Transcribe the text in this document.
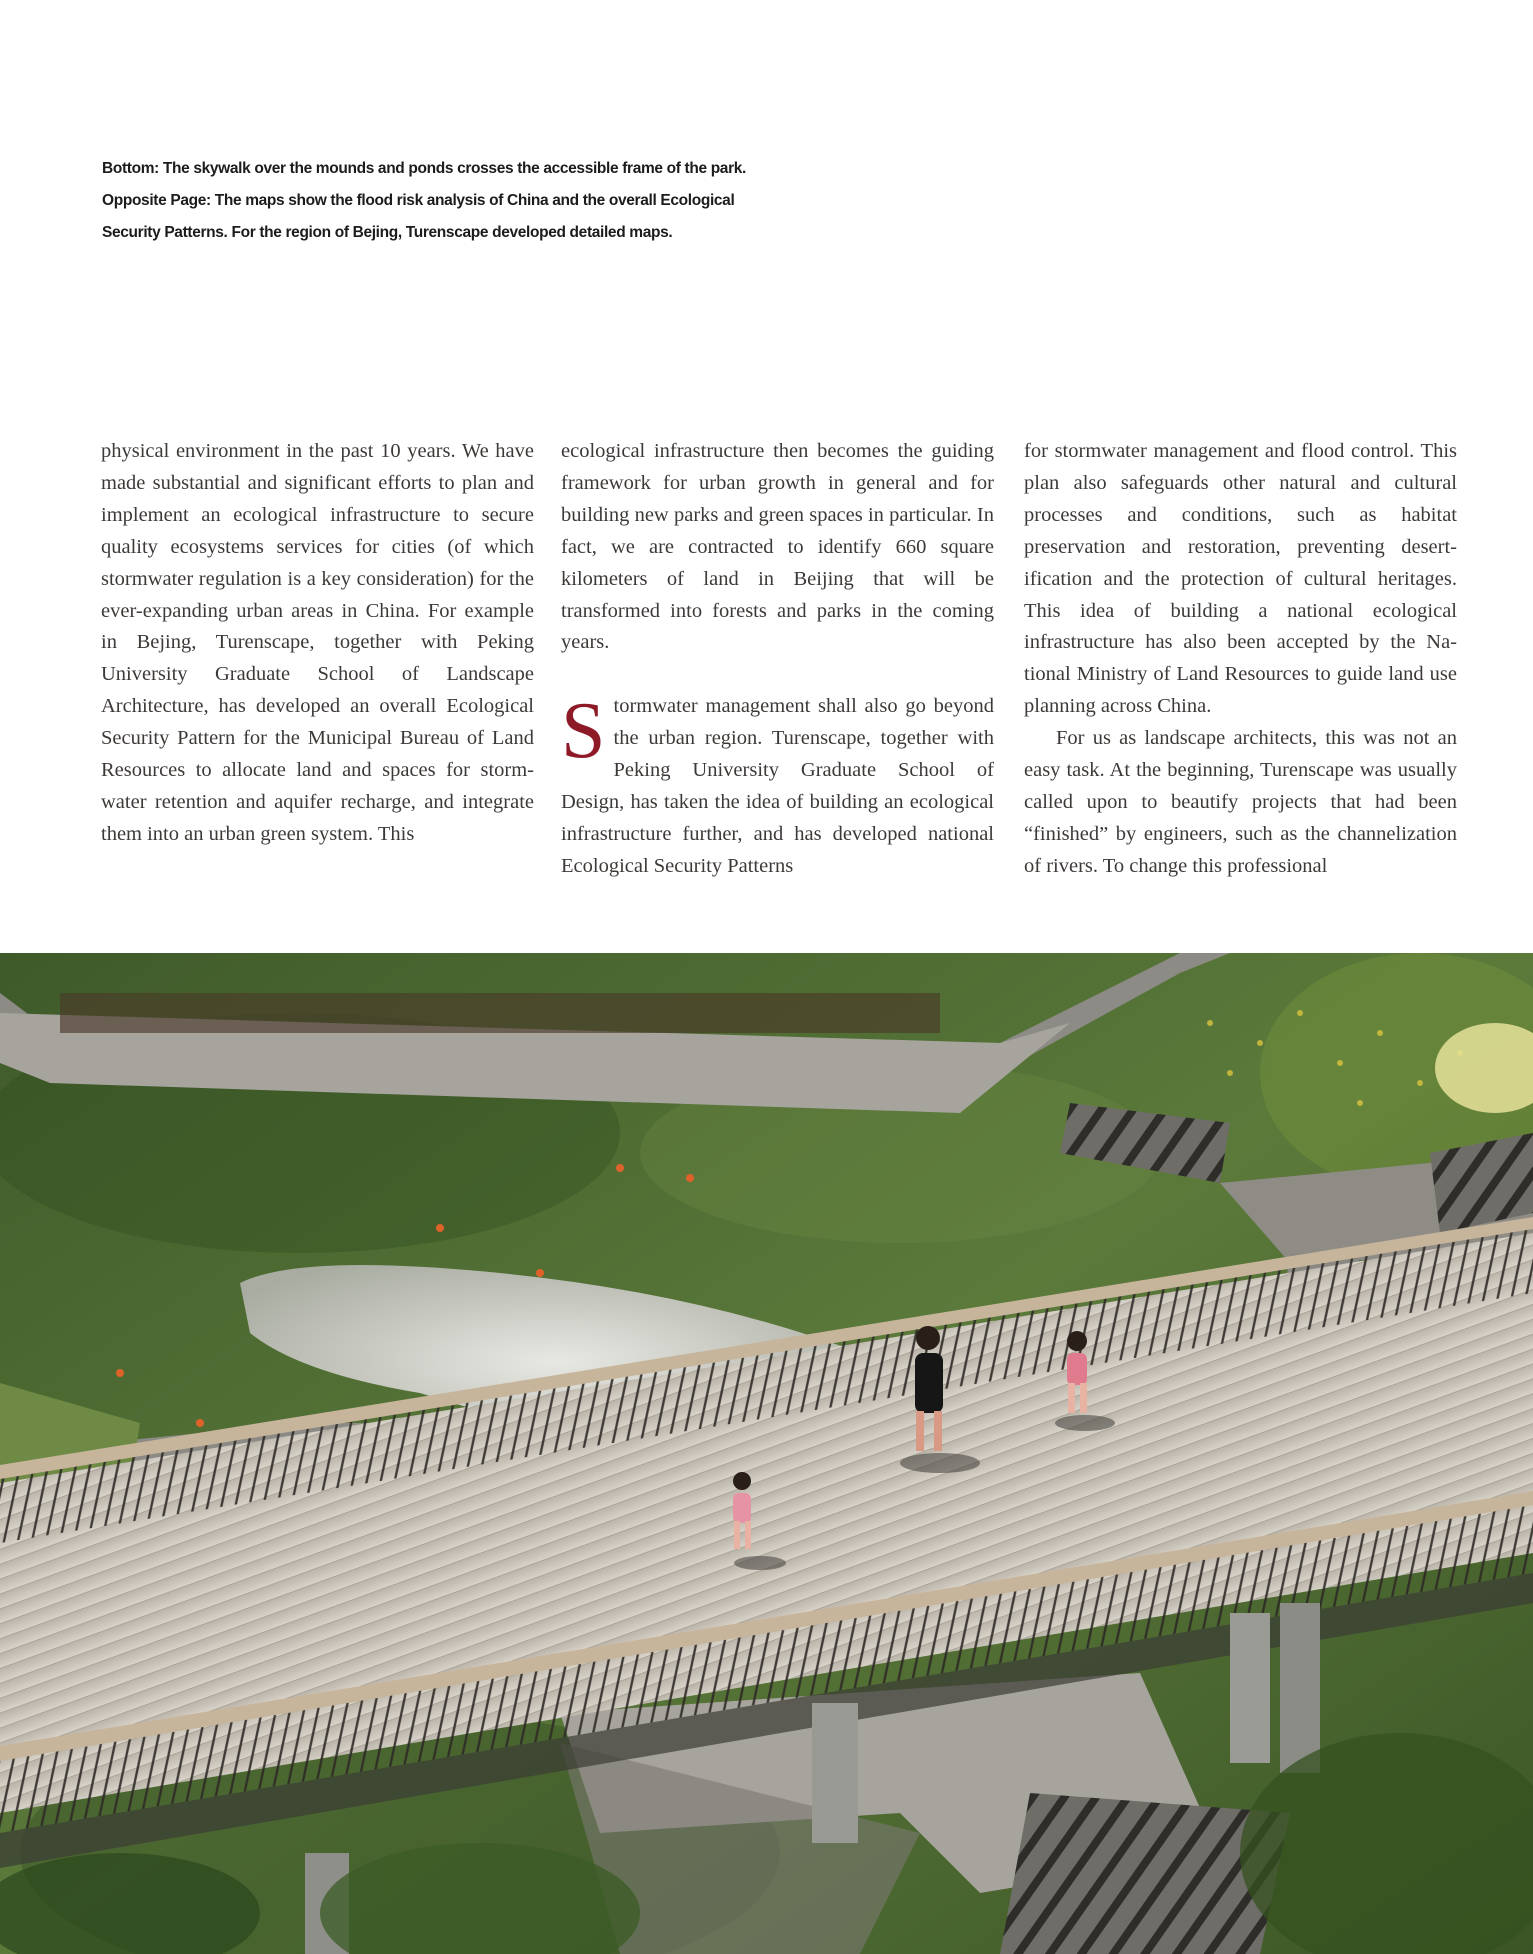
Bottom: The skywalk over the mounds and ponds crosses the accessible frame of the park.
Opposite Page: The maps show the flood risk analysis of China and the overall Ecological
Security Patterns. For the region of Bejing, Turenscape developed detailed maps.

physical environment in the past 10 years. We have made substantial and significant efforts to plan and implement an ecological infrastructure to secure quality ecosystems services for cities (of which stormwater regulation is a key consideration) for the ever-expanding urban areas in China. For example in Bejing, Turenscape, together with Peking University Graduate School of Landscape Architecture, has developed an overall Ecological Security Pattern for the Municipal Bureau of Land Resources to allocate land and spaces for stormwater retention and aquifer recharge, and integrate them into an urban green system. This

ecological infrastructure then becomes the guiding framework for urban growth in general and for building new parks and green spaces in particular. In fact, we are contracted to identify 660 square kilometers of land in Beijing that will be transformed into forests and parks in the coming years.

Stormwater management shall also go beyond the urban region. Turenscape, together with Peking University Graduate School of Design, has taken the idea of building an ecological infrastructure further, and has developed national Ecological Security Patterns

for stormwater management and flood control. This plan also safeguards other natural and cultural processes and conditions, such as habitat preservation and restoration, preventing desertification and the protection of cultural heritages. This idea of building a national ecological infrastructure has also been accepted by the National Ministry of Land Resources to guide land use planning across China.

For us as landscape architects, this was not an easy task. At the beginning, Turenscape was usually called upon to beautify projects that had been “finished” by engineers, such as the channelization of rivers. To change this professional
